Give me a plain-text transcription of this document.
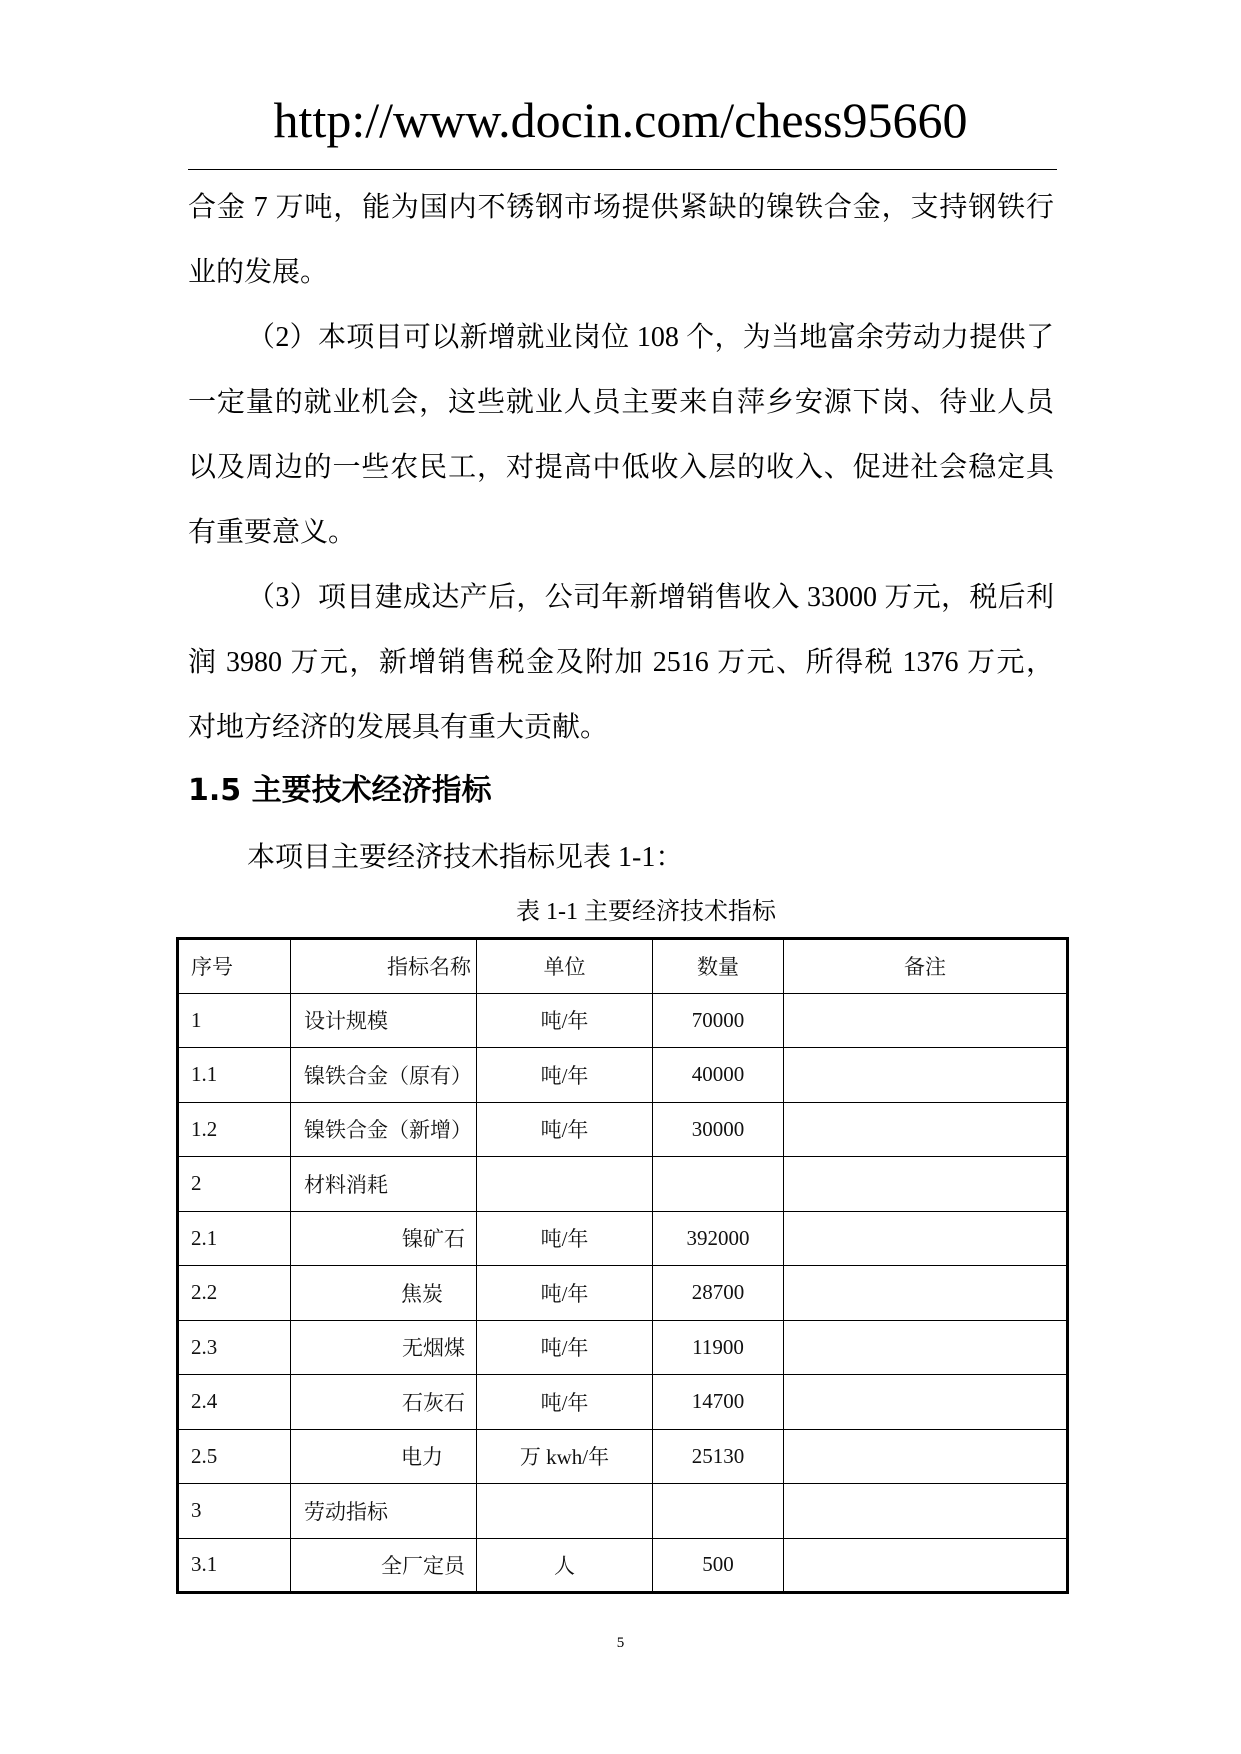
http://www.docin.com/chess95660
合金 7 万吨，能为国内不锈钢市场提供紧缺的镍铁合金，支持钢铁行
业的发展。
（2）本项目可以新增就业岗位 108 个，为当地富余劳动力提供了
一定量的就业机会，这些就业人员主要来自萍乡安源下岗、待业人员
以及周边的一些农民工，对提高中低收入层的收入、促进社会稳定具
有重要意义。
（3）项目建成达产后，公司年新增销售收入 33000 万元，税后利
润 3980 万元，新增销售税金及附加 2516 万元、所得税 1376 万元，
对地方经济的发展具有重大贡献。
1.5 主要技术经济指标
本项目主要经济技术指标见表 1-1：
表 1-1 主要经济技术指标
序号	指标名称	单位	数量	备注
1	设计规模	吨/年	70000	
1.1	镍铁合金（原有）	吨/年	40000	
1.2	镍铁合金（新增）	吨/年	30000	
2	材料消耗			
2.1	镍矿石	吨/年	392000	
2.2	焦炭	吨/年	28700	
2.3	无烟煤	吨/年	11900	
2.4	石灰石	吨/年	14700	
2.5	电力	万 kwh/年	25130	
3	劳动指标			
3.1	全厂定员	人	500	
5
